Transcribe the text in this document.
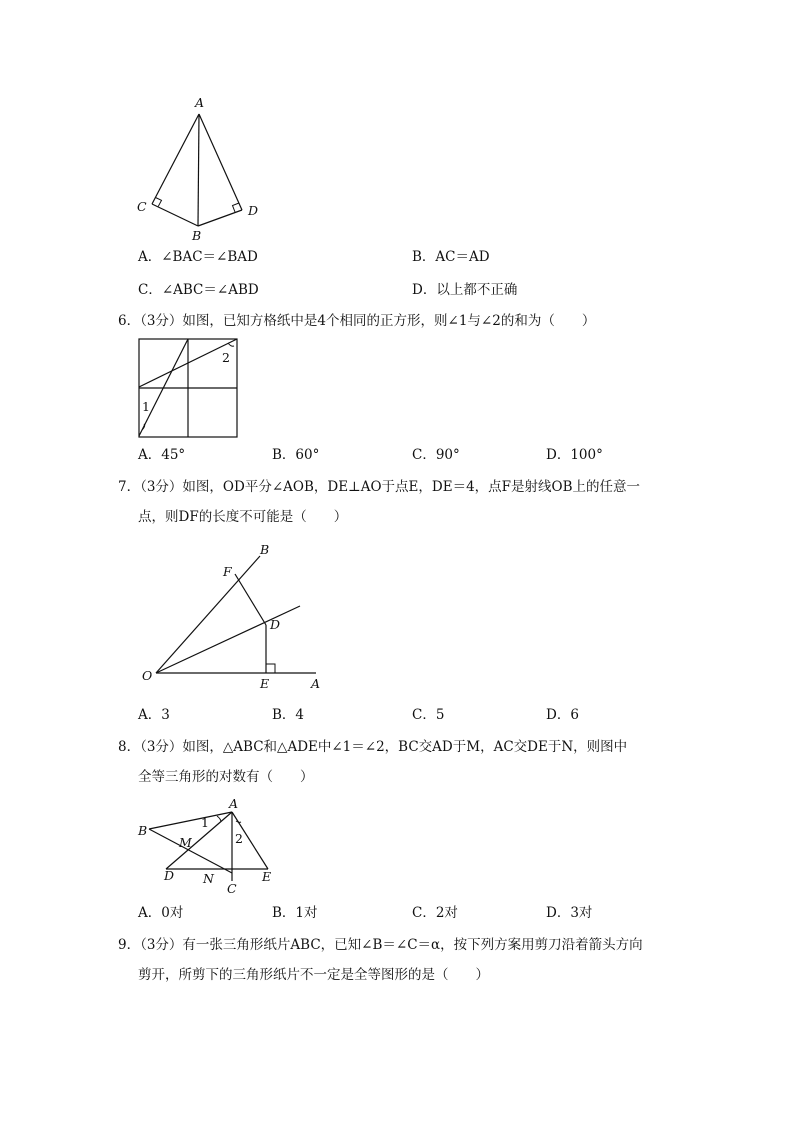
A
C	D
B
A．∠BAC＝∠BAD	B．AC＝AD
C．∠ABC＝∠ABD	D．以上都不正确
6．（3分）如图，已知方格纸中是4个相同的正方形，则∠1与∠2的和为（　　）
1
2
A．45°	B．60°	C．90°	D．100°
7．（3分）如图，OD平分∠AOB，DE⊥AO于点E，DE＝4，点F是射线OB上的任意一
点，则DF的长度不可能是（　　）
B
F
D
O
E	A
A．3	B．4	C．5	D．6
8．（3分）如图，△ABC和△ADE中∠1＝∠2，BC交AD于M，AC交DE于N，则图中
全等三角形的对数有（　　）
A
B
1
2
M
D N
C
E
A．0对	B．1对	C．2对	D．3对
9．（3分）有一张三角形纸片ABC，已知∠B＝∠C＝α，按下列方案用剪刀沿着箭头方向
剪开，所剪下的三角形纸片不一定是全等图形的是（　　）
